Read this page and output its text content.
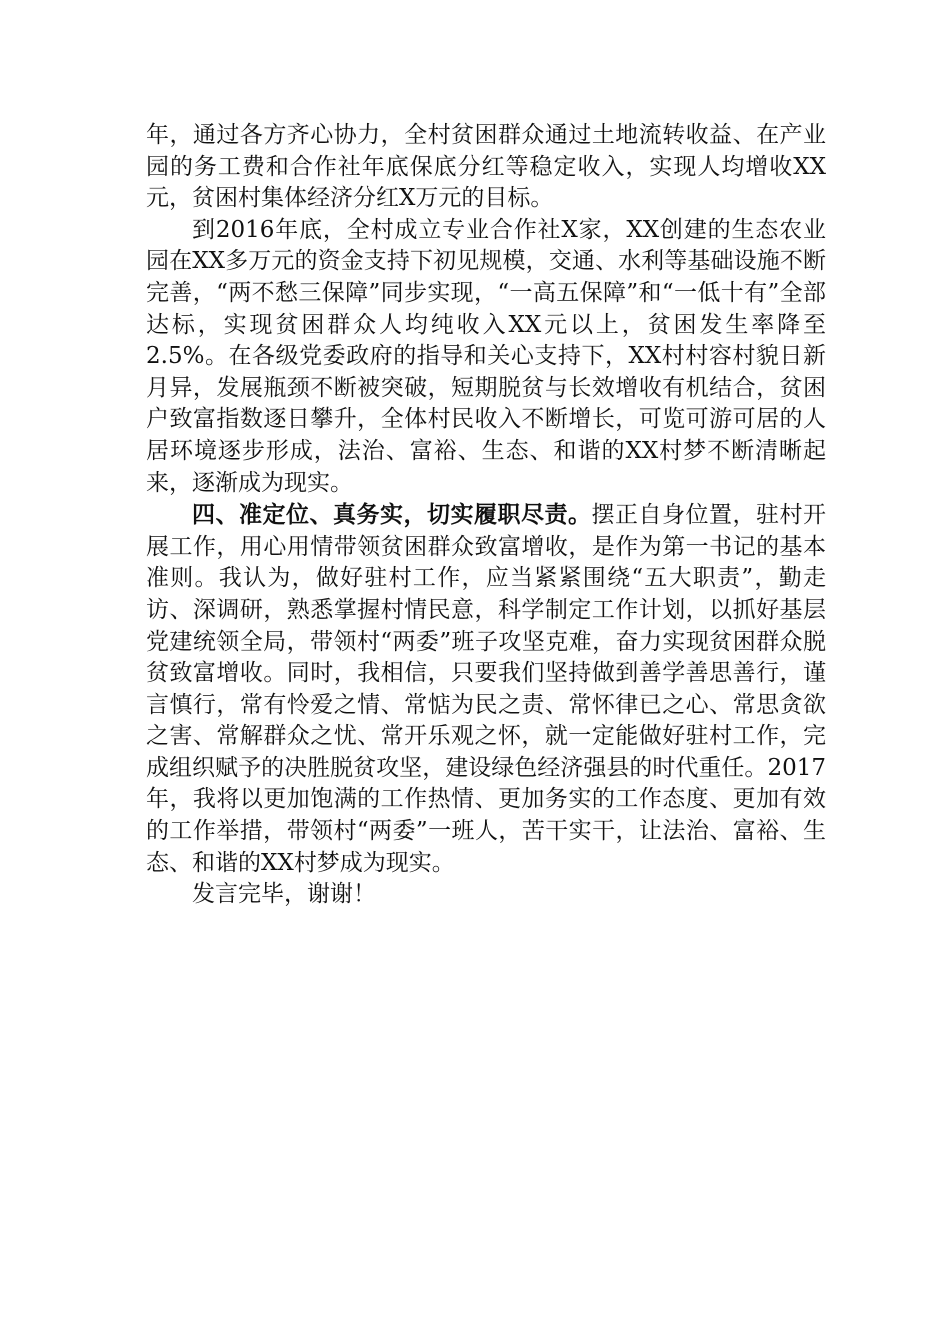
年，通过各方齐心协力，全村贫困群众通过土地流转收益、在产业园的务工费和合作社年底保底分红等稳定收入，实现人均增收XX元，贫困村集体经济分红X万元的目标。

到2016年底，全村成立专业合作社X家，XX创建的生态农业园在XX多万元的资金支持下初见规模，交通、水利等基础设施不断完善，“两不愁三保障”同步实现，“一高五保障”和“一低十有”全部达标，实现贫困群众人均纯收入XX元以上，贫困发生率降至2.5%。在各级党委政府的指导和关心支持下，XX村村容村貌日新月异，发展瓶颈不断被突破，短期脱贫与长效增收有机结合，贫困户致富指数逐日攀升，全体村民收入不断增长，可览可游可居的人居环境逐步形成，法治、富裕、生态、和谐的XX村梦不断清晰起来，逐渐成为现实。

四、准定位、真务实，切实履职尽责。摆正自身位置，驻村开展工作，用心用情带领贫困群众致富增收，是作为第一书记的基本准则。我认为，做好驻村工作，应当紧紧围绕“五大职责”，勤走访、深调研，熟悉掌握村情民意，科学制定工作计划，以抓好基层党建统领全局，带领村“两委”班子攻坚克难，奋力实现贫困群众脱贫致富增收。同时，我相信，只要我们坚持做到善学善思善行，谨言慎行，常有怜爱之情、常惦为民之责、常怀律已之心、常思贪欲之害、常解群众之忧、常开乐观之怀，就一定能做好驻村工作，完成组织赋予的决胜脱贫攻坚，建设绿色经济强县的时代重任。2017年，我将以更加饱满的工作热情、更加务实的工作态度、更加有效的工作举措，带领村“两委”一班人，苦干实干，让法治、富裕、生态、和谐的XX村梦成为现实。

发言完毕，谢谢！
